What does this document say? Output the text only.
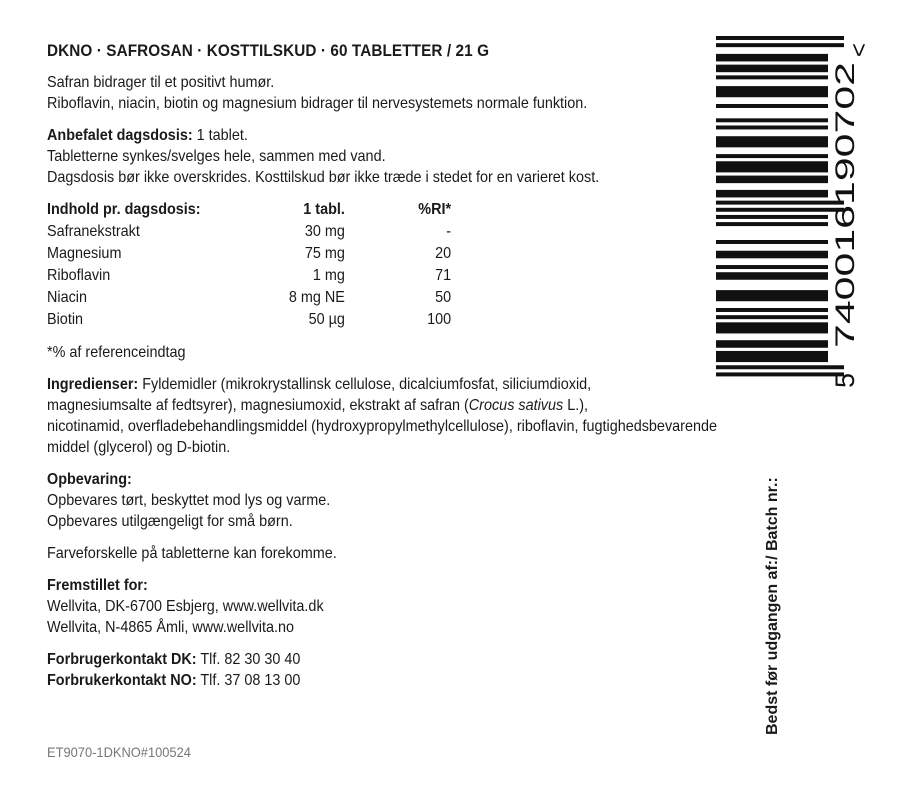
DKNO · SAFROSAN · KOSTTILSKUD · 60 TABLETTER / 21 G
Safran bidrager til et positivt humør.
Riboflavin, niacin, biotin og magnesium bidrager til nervesystemets normale funktion.
Anbefalet dagsdosis: 1 tablet.
Tabletterne synkes/svelges hele, sammen med vand.
Dagsdosis bør ikke overskrides. Kosttilskud bør ikke træde i stedet for en varieret kost.
Indhold pr. dagsdosis:	1 tabl.	%RI*
Safranekstrakt	30 mg	-
Magnesium	75 mg	20
Riboflavin	1 mg	71
Niacin	8 mg NE	50
Biotin	50 µg	100
*% af referenceindtag
Ingredienser: Fyldemidler (mikrokrystallinsk cellulose, dicalciumfosfat, siliciumdioxid,
magnesiumsalte af fedtsyrer), magnesiumoxid, ekstrakt af safran (Crocus sativus L.),
nicotinamid, overfladebehandlingsmiddel (hydroxypropylmethylcellulose), riboflavin, fugtighedsbevarende
middel (glycerol) og D-biotin.
Opbevaring:
Opbevares tørt, beskyttet mod lys og varme.
Opbevares utilgængeligt for små børn.
Farveforskelle på tabletterne kan forekomme.
Fremstillet for:
Wellvita, DK-6700 Esbjerg, www.wellvita.dk
Wellvita, N-4865 Åmli, www.wellvita.no
Forbrugerkontakt DK: Tlf. 82 30 30 40
Forbrukerkontakt NO: Tlf. 37 08 13 00
ET9070-1DKNO#100524
5
740016190702
>
Bedst før udgangen af:/ Batch nr.:
